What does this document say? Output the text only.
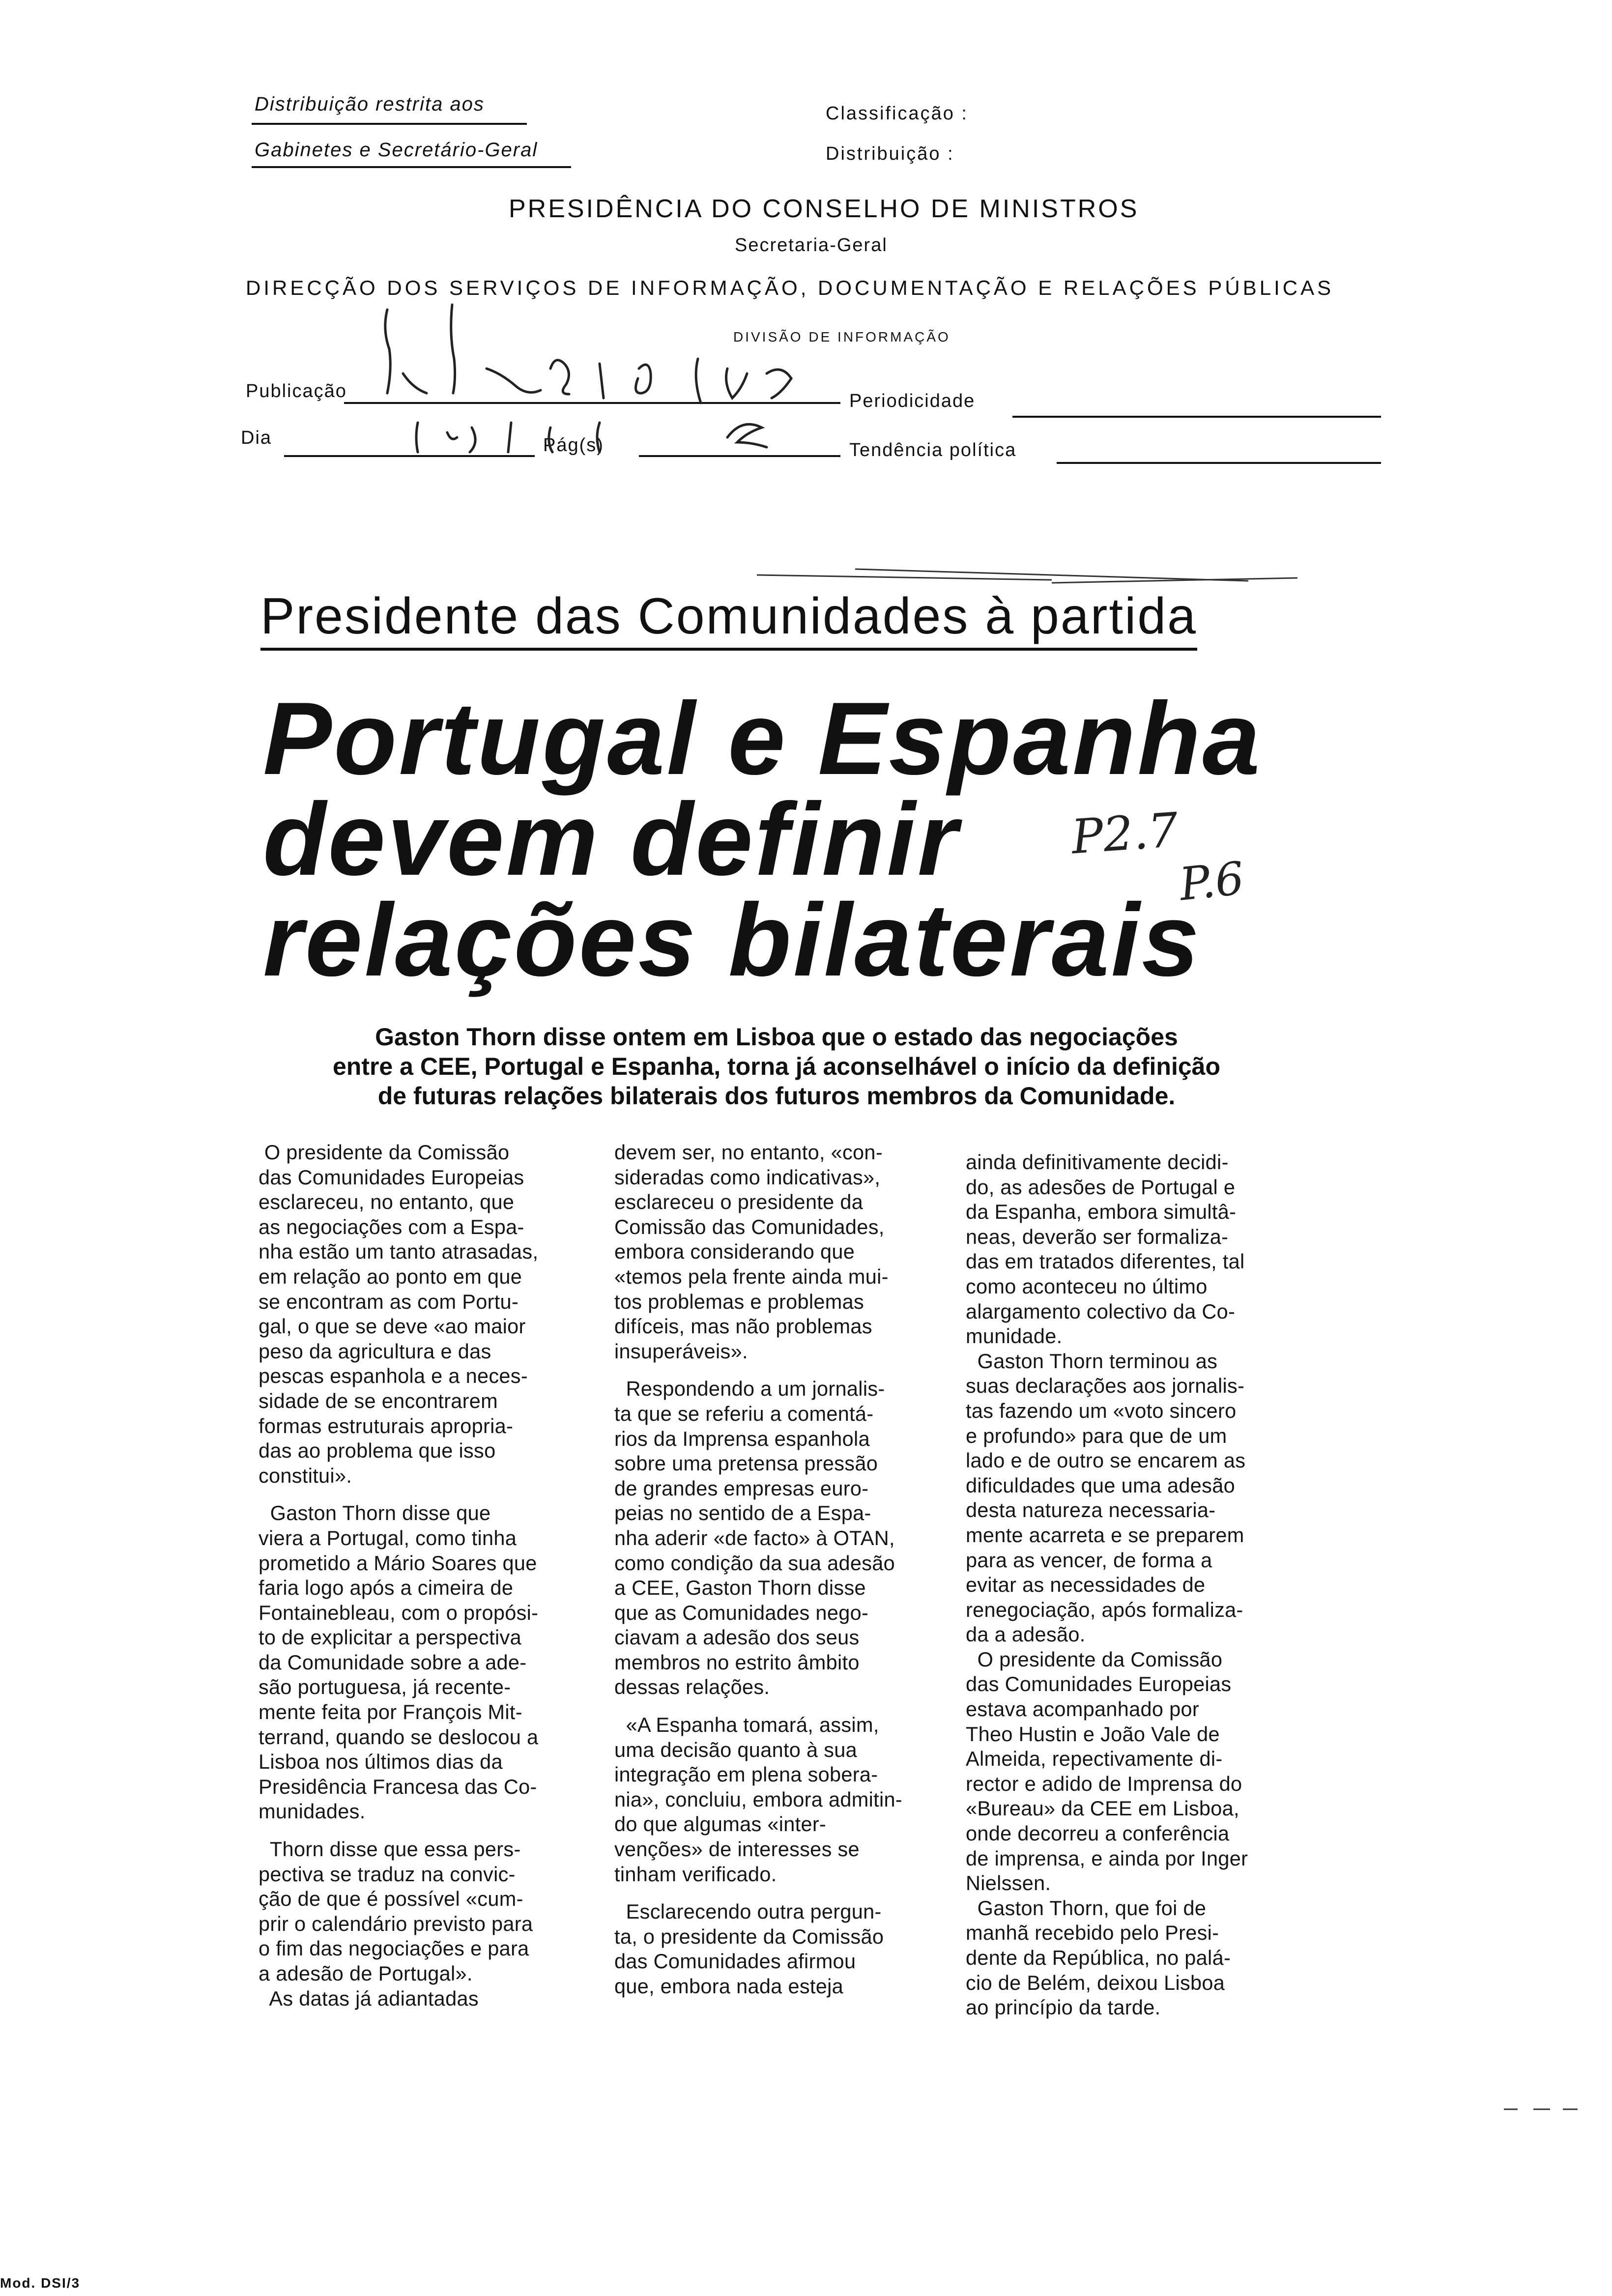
Distribuição restrita aos
Gabinetes e Secretário-Geral
Classificação :
Distribuição :
PRESIDÊNCIA DO CONSELHO DE MINISTROS
Secretaria-Geral
DIRECÇÃO DOS SERVIÇOS DE INFORMAÇÃO, DOCUMENTAÇÃO E RELAÇÕES PÚBLICAS
DIVISÃO DE INFORMAÇÃO
Publicação	Periodicidade
Dia	Pág(s)	Tendência política
Presidente das Comunidades à partida
Portugal e Espanha
devem definir
relações bilaterais
P2.7
P.6
Gaston Thorn disse ontem em Lisboa que o estado das negociações
entre a CEE, Portugal e Espanha, torna já aconselhável o início da definição
de futuras relações bilaterais dos futuros membros da Comunidade.

O presidente da Comissão

das Comunidades Europeias

esclareceu, no entanto, que

as negociações com a Espa-

nha estão um tanto atrasadas,

em relação ao ponto em que

se encontram as com Portu-

gal, o que se deve «ao maior

peso da agricultura e das

pescas espanhola e a neces-

sidade de se encontrarem

formas estruturais apropria-

das ao problema que isso

constitui».

Gaston Thorn disse que

viera a Portugal, como tinha

prometido a Mário Soares que

faria logo após a cimeira de

Fontainebleau, com o propósi-

to de explicitar a perspectiva

da Comunidade sobre a ade-

são portuguesa, já recente-

mente feita por François Mit-

terrand, quando se deslocou a

Lisboa nos últimos dias da

Presidência Francesa das Co-

munidades.

Thorn disse que essa pers-

pectiva se traduz na convic-

ção de que é possível «cum-

prir o calendário previsto para

o fim das negociações e para

a adesão de Portugal».

As datas já adiantadas

devem ser, no entanto, «con-

sideradas como indicativas»,

esclareceu o presidente da

Comissão das Comunidades,

embora considerando que

«temos pela frente ainda mui-

tos problemas e problemas

difíceis, mas não problemas

insuperáveis».

Respondendo a um jornalis-

ta que se referiu a comentá-

rios da Imprensa espanhola

sobre uma pretensa pressão

de grandes empresas euro-

peias no sentido de a Espa-

nha aderir «de facto» à OTAN,

como condição da sua adesão

a CEE, Gaston Thorn disse

que as Comunidades nego-

ciavam a adesão dos seus

membros no estrito âmbito

dessas relações.

«A Espanha tomará, assim,

uma decisão quanto à sua

integração em plena sobera-

nia», concluiu, embora admitin-

do que algumas «inter-

venções» de interesses se

tinham verificado.

Esclarecendo outra pergun-

ta, o presidente da Comissão

das Comunidades afirmou

que, embora nada esteja

ainda definitivamente decidi-

do, as adesões de Portugal e

da Espanha, embora simultâ-

neas, deverão ser formaliza-

das em tratados diferentes, tal

como aconteceu no último

alargamento colectivo da Co-

munidade.

Gaston Thorn terminou as

suas declarações aos jornalis-

tas fazendo um «voto sincero

e profundo» para que de um

lado e de outro se encarem as

dificuldades que uma adesão

desta natureza necessaria-

mente acarreta e se preparem

para as vencer, de forma a

evitar as necessidades de

renegociação, após formaliza-

da a adesão.

O presidente da Comissão

das Comunidades Europeias

estava acompanhado por

Theo Hustin e João Vale de

Almeida, repectivamente di-

rector e adido de Imprensa do

«Bureau» da CEE em Lisboa,

onde decorreu a conferência

de imprensa, e ainda por Inger

Nielssen.

Gaston Thorn, que foi de

manhã recebido pelo Presi-

dente da República, no palá-

cio de Belém, deixou Lisboa

ao princípio da tarde.

Mod. DSI/3
